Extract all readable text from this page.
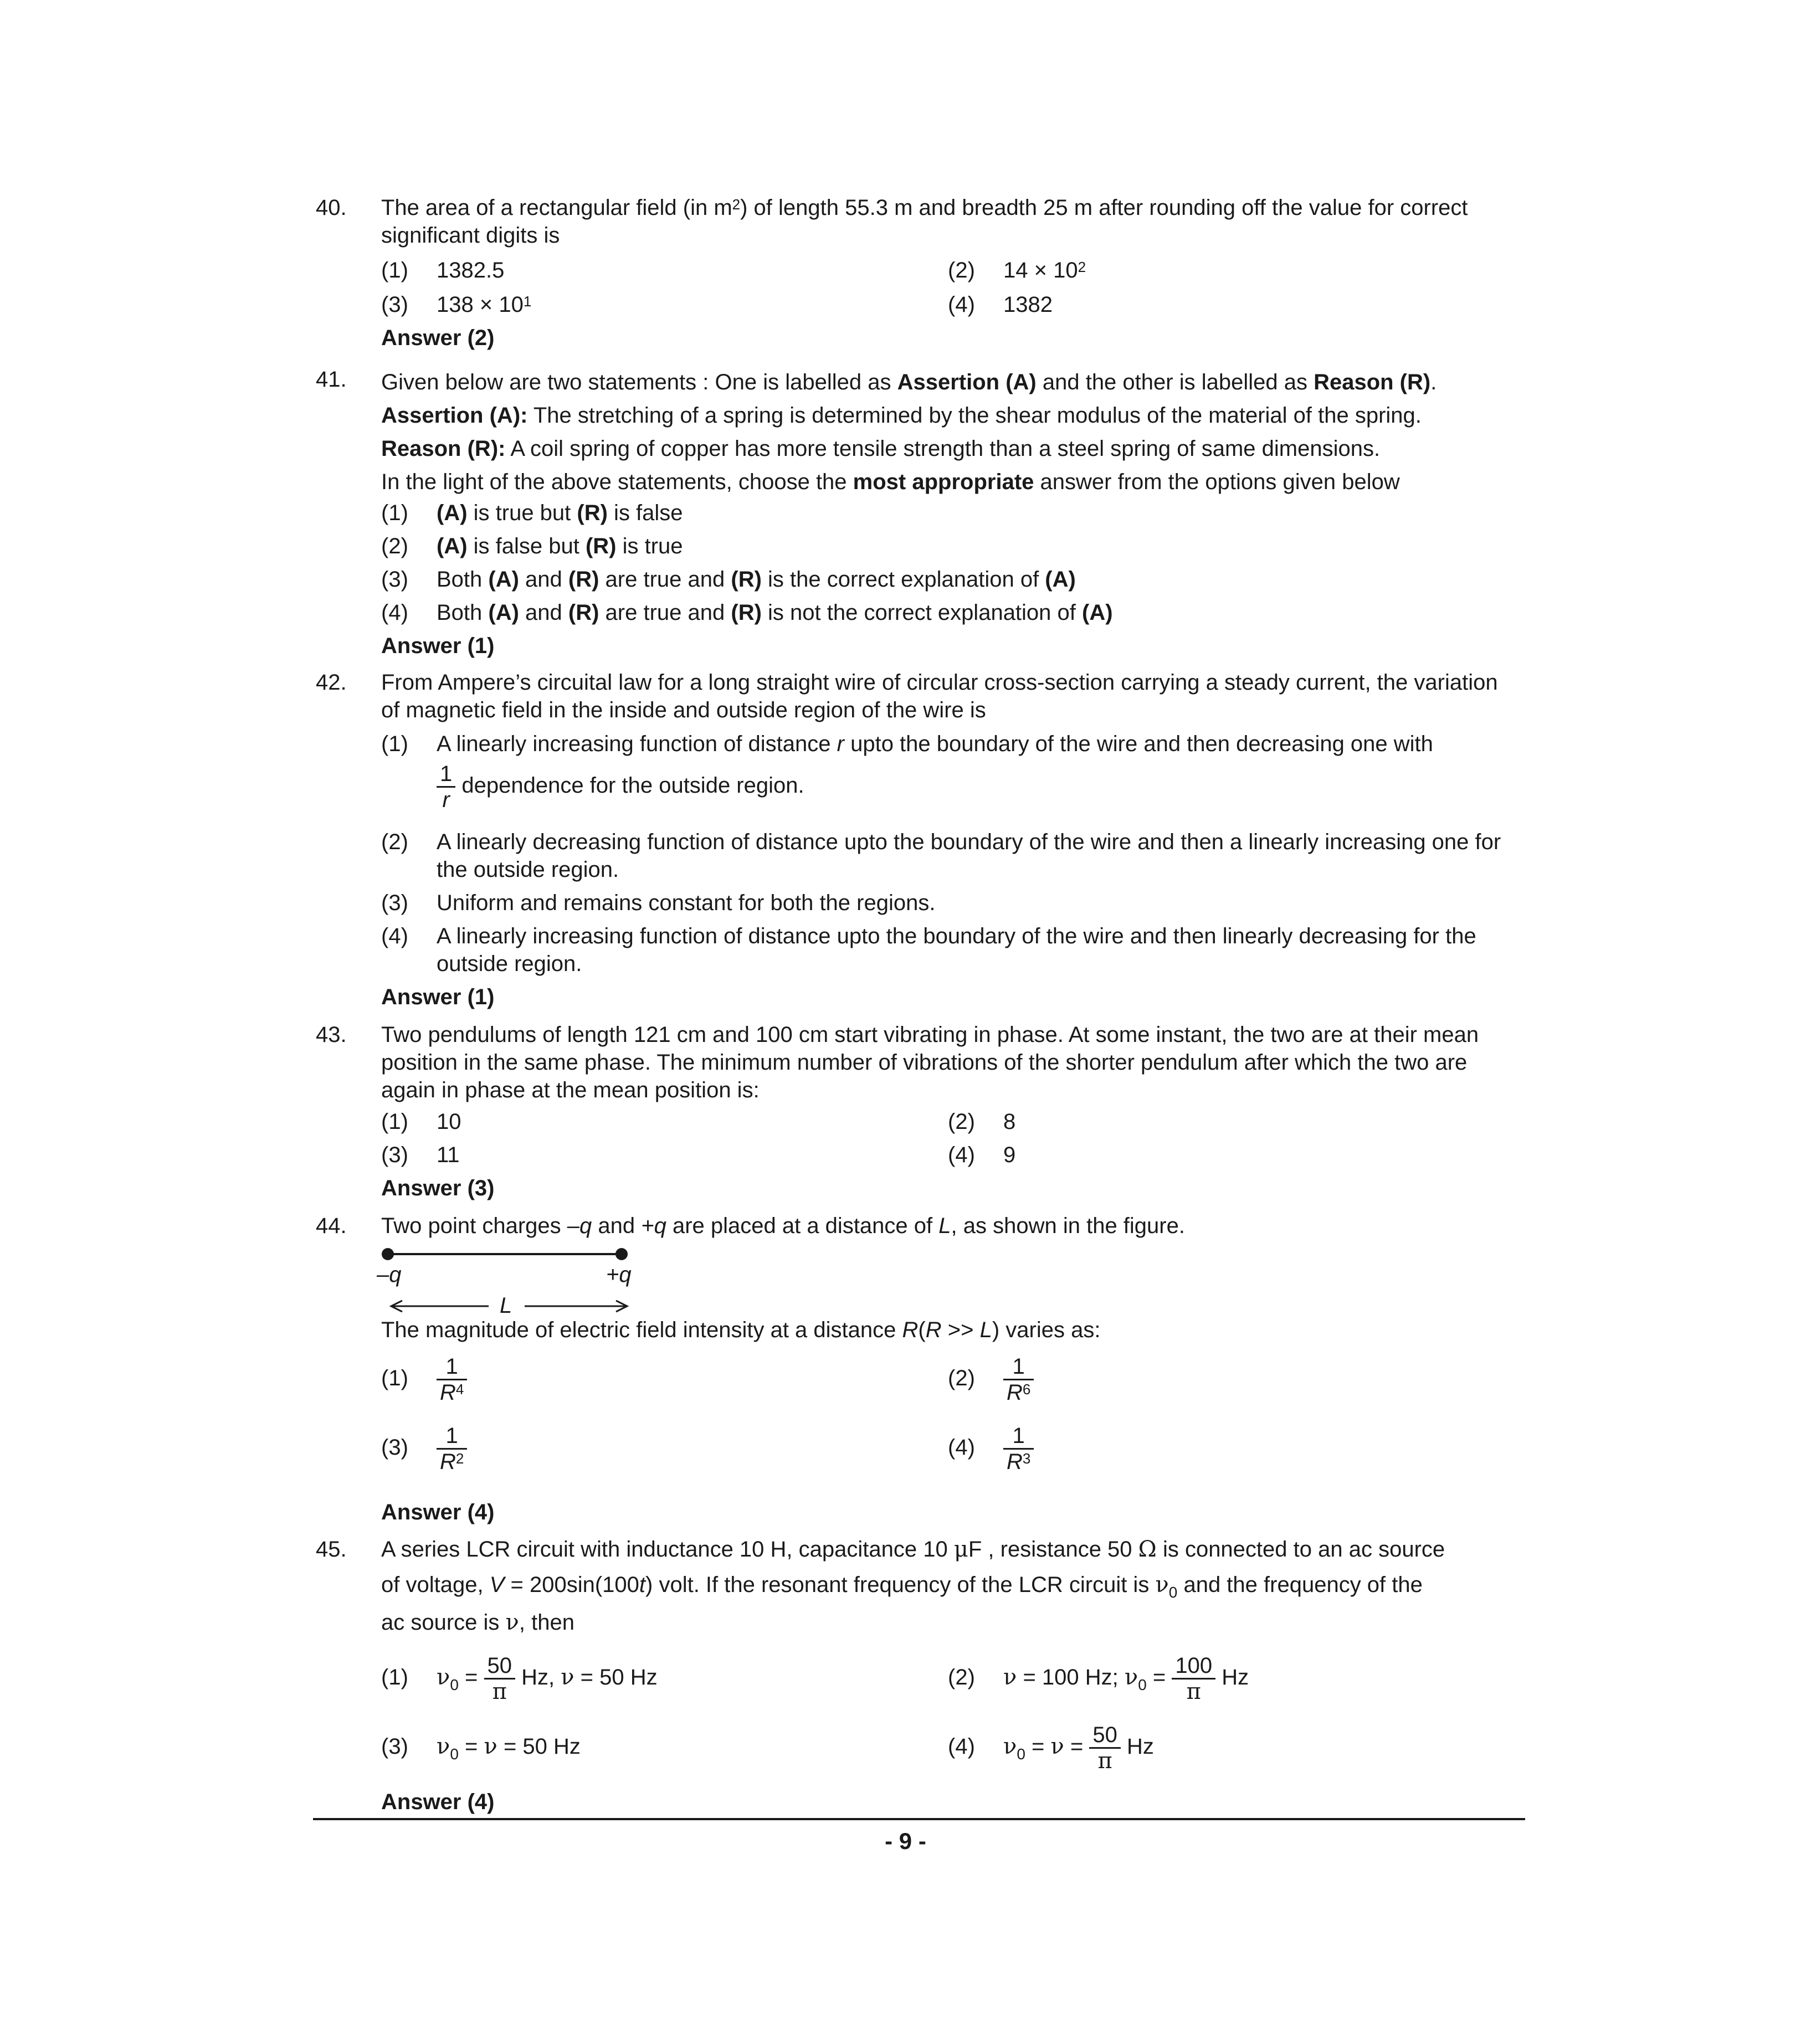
40. The area of a rectangular field (in $m^2$) of length 55.3 m and breadth 25 m after rounding off the value for correct significant digits is
(1) 1382.5	(2) $14 \times 10^2$
(3) $138 \times 10^1$	(4) 1382
Answer (2)
41. Given below are two statements : One is labelled as Assertion (A) and the other is labelled as Reason (R).
Assertion (A): The stretching of a spring is determined by the shear modulus of the material of the spring.
Reason (R): A coil spring of copper has more tensile strength than a steel spring of same dimensions.
In the light of the above statements, choose the most appropriate answer from the options given below
(1) (A) is true but (R) is false
(2) (A) is false but (R) is true
(3) Both (A) and (R) are true and (R) is the correct explanation of (A)
(4) Both (A) and (R) are true and (R) is not the correct explanation of (A)
Answer (1)
42. From Ampere’s circuital law for a long straight wire of circular cross-section carrying a steady current, the variation of magnetic field in the inside and outside region of the wire is
(1) A linearly increasing function of distance r upto the boundary of the wire and then decreasing one with
$\frac{1}{r}$ dependence for the outside region.
(2) A linearly decreasing function of distance upto the boundary of the wire and then a linearly increasing one for the outside region.
(3) Uniform and remains constant for both the regions.
(4) A linearly increasing function of distance upto the boundary of the wire and then linearly decreasing for the outside region.
Answer (1)
43. Two pendulums of length 121 cm and 100 cm start vibrating in phase. At some instant, the two are at their mean position in the same phase. The minimum number of vibrations of the shorter pendulum after which the two are again in phase at the mean position is:
(1) 10	(2) 8
(3) 11	(4) 9
Answer (3)
44. Two point charges –q and +q are placed at a distance of L, as shown in the figure.
–q	+q
L
The magnitude of electric field intensity at a distance R(R >> L) varies as:
$(1) \frac{1}{R^4}$	$(2) \frac{1}{R^6}$
$(3) \frac{1}{R^2}$	$(4) \frac{1}{R^3}$
Answer (4)
45. A series LCR circuit with inductance 10 H, capacitance 10 μF , resistance 50 Ω is connected to an ac source
of voltage, V = 200sin(100t) volt. If the resonant frequency of the LCR circuit is $\nu_0$ and the frequency of the
ac source is ν, then
(1) $\nu_0 = \frac{50}{\pi} Hz$, ν = 50 Hz	(2) ν = 100 Hz; $\nu_0 = \frac{100}{\pi}$ Hz
(3) $\nu_0 = \nu = 50$ Hz	(4) $\nu_0 = \nu = \frac{50}{\pi}$ Hz
Answer (4)
- 9 -
